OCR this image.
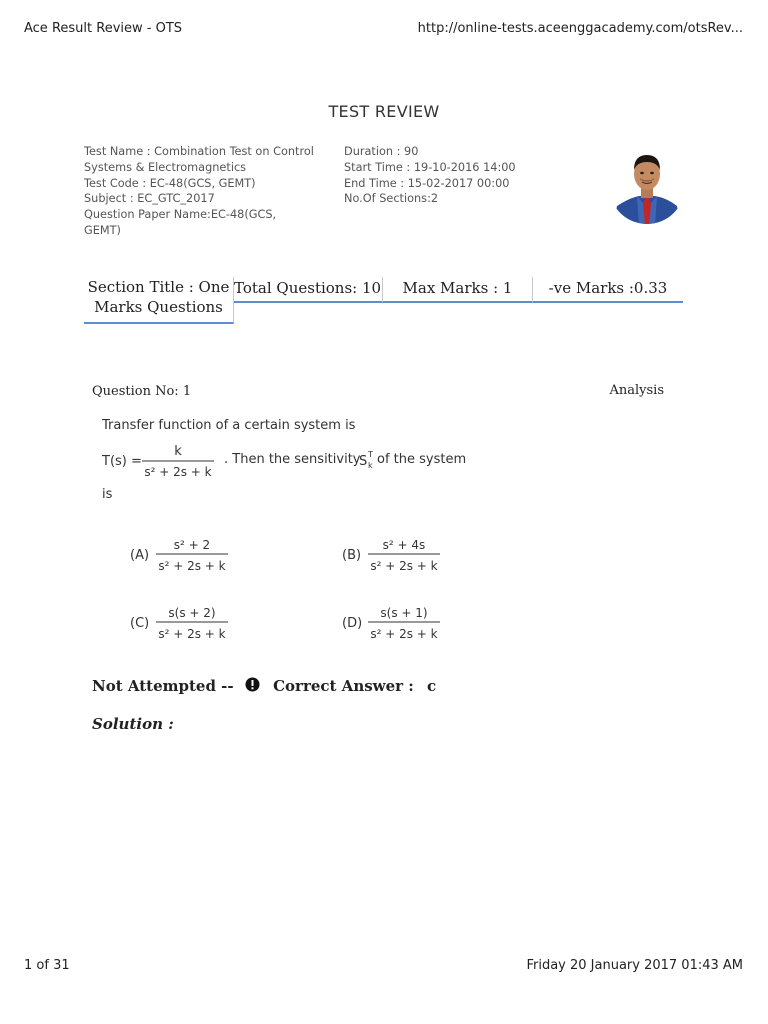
Ace Result Review - OTS	http://online-tests.aceenggacademy.com/otsRev...
TEST REVIEW
Test Name : Combination Test on Control Systems & Electromagnetics
Test Code : EC-48(GCS, GEMT)
Subject : EC_GTC_2017
Question Paper Name:EC-48(GCS, GEMT)
Duration : 90
Start Time : 19-10-2016 14:00
End Time : 15-02-2017 00:00
No.Of Sections:2
Section Title : One
Marks Questions
Total Questions: 10	Max Marks : 1	-ve Marks :0.33
Question No: 1	Analysis
Transfer function of a certain system is
T(s) =
k
s² + 2s + k
. Then the sensitivity
S T
k of the system
is
(A)
s² + 2
s² + 2s + k
(B)
s² + 4s
s² + 2s + k
(C)
s(s + 2)
s² + 2s + k
(D)
s(s + 1)
s² + 2s + k
Not Attempted --	Correct Answer : c
Solution :
1 of 31	Friday 20 January 2017 01:43 AM
